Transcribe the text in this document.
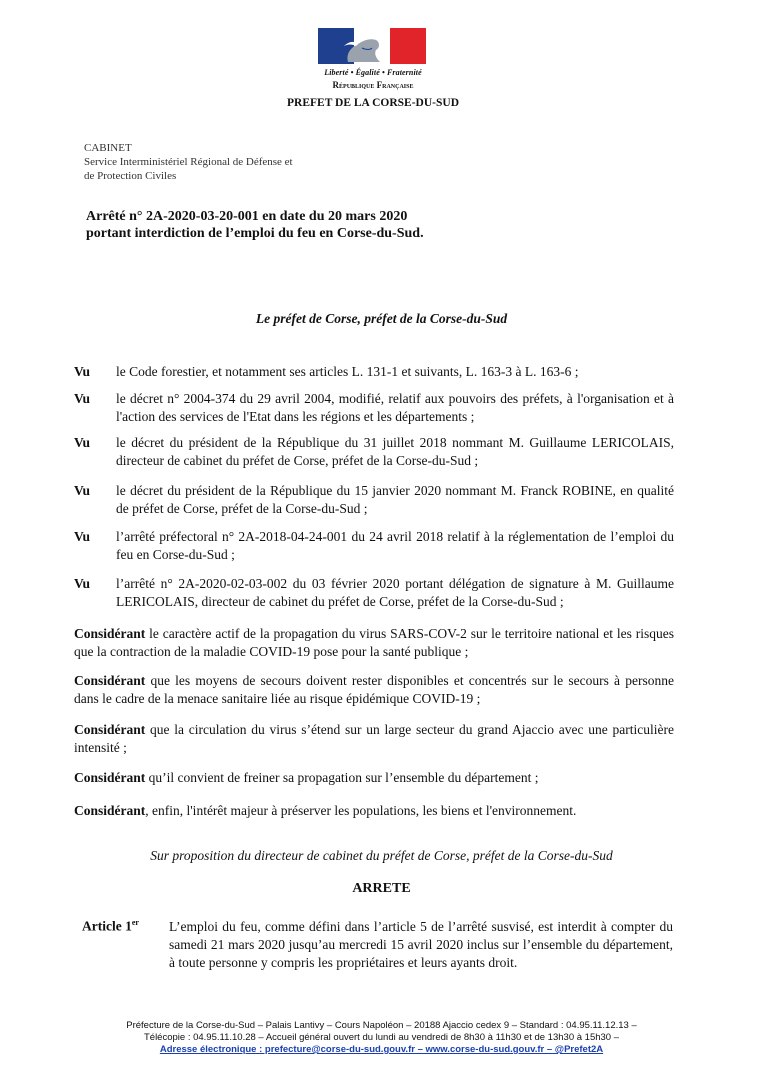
Liberté • Égalité • Fraternité
République Française
PREFET DE LA CORSE-DU-SUD
CABINET
Service Interministériel Régional de Défense et
de Protection Civiles
Arrêté n° 2A-2020-03-20-001 en date du 20 mars 2020
portant interdiction de l’emploi du feu en Corse-du-Sud.
Le préfet de Corse, préfet de la Corse-du-Sud
Vu le Code forestier, et notamment ses articles L. 131-1 et suivants, L. 163-3 à L. 163-6 ;
Vu le décret n° 2004-374 du 29 avril 2004, modifié, relatif aux pouvoirs des préfets, à l'organisation et à l'action des services de l'Etat dans les régions et les départements ;
Vu le décret du président de la République du 31 juillet 2018 nommant M. Guillaume LERICOLAIS, directeur de cabinet du préfet de Corse, préfet de la Corse-du-Sud ;
Vu le décret du président de la République du 15 janvier 2020 nommant M. Franck ROBINE, en qualité de préfet de Corse, préfet de la Corse-du-Sud ;
Vu l’arrêté préfectoral n° 2A-2018-04-24-001 du 24 avril 2018 relatif à la réglementation de l’emploi du feu en Corse-du-Sud ;
Vu l’arrêté n° 2A-2020-02-03-002 du 03 février 2020 portant délégation de signature à M. Guillaume LERICOLAIS, directeur de cabinet du préfet de Corse, préfet de la Corse-du-Sud ;
Considérant le caractère actif de la propagation du virus SARS-COV-2 sur le territoire national et les risques que la contraction de la maladie COVID-19 pose pour la santé publique ;
Considérant que les moyens de secours doivent rester disponibles et concentrés sur le secours à personne dans le cadre de la menace sanitaire liée au risque épidémique COVID-19 ;
Considérant que la circulation du virus s’étend sur un large secteur du grand Ajaccio avec une particulière intensité ;
Considérant qu’il convient de freiner sa propagation sur l’ensemble du département ;
Considérant, enfin, l'intérêt majeur à préserver les populations, les biens et l'environnement.
Sur proposition du directeur de cabinet du préfet de Corse, préfet de la Corse-du-Sud
ARRETE
Article 1er L’emploi du feu, comme défini dans l’article 5 de l’arrêté susvisé, est interdit à compter du samedi 21 mars 2020 jusqu’au mercredi 15 avril 2020 inclus sur l’ensemble du département, à toute personne y compris les propriétaires et leurs ayants droit.
Préfecture de la Corse-du-Sud – Palais Lantivy – Cours Napoléon – 20188 Ajaccio cedex 9 – Standard : 04.95.11.12.13 –
Télécopie : 04.95.11.10.28 – Accueil général ouvert du lundi au vendredi de 8h30 à 11h30 et de 13h30 à 15h30 –
Adresse électronique : prefecture@corse-du-sud.gouv.fr – www.corse-du-sud.gouv.fr – @Prefet2A
